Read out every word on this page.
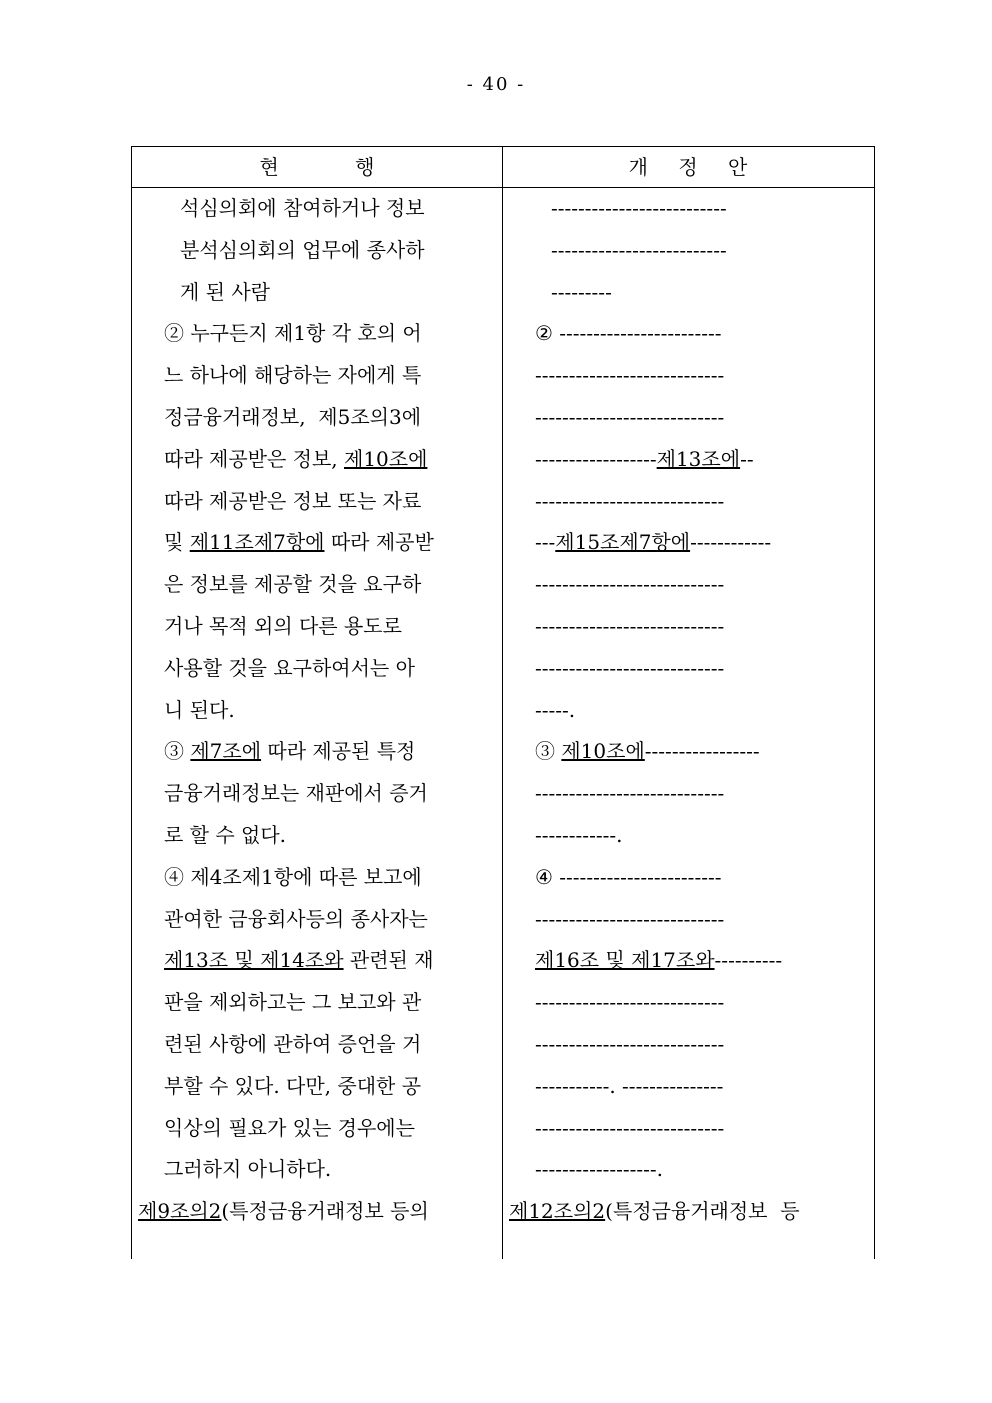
- 40 -
현 행	개 정 안
석심의회에 참여하거나 정보
분석심의회의 업무에 종사하
게 된 사람
② 누구든지 제1항 각 호의 어
느 하나에 해당하는 자에게 특
정금융거래정보,  제5조의3에
따라 제공받은 정보, 제10조에
따라 제공받은 정보 또는 자료
및 제11조제7항에 따라 제공받
은 정보를 제공할 것을 요구하
거나 목적 외의 다른 용도로
사용할 것을 요구하여서는 아
니 된다.
③ 제7조에 따라 제공된 특정
금융거래정보는 재판에서 증거
로 할 수 없다.
④ 제4조제1항에 따른 보고에
관여한 금융회사등의 종사자는
제13조 및 제14조와 관련된 재
판을 제외하고는 그 보고와 관
련된 사항에 관하여 증언을 거
부할 수 있다. 다만, 중대한 공
익상의 필요가 있는 경우에는
그러하지 아니하다.
제9조의2(특정금융거래정보 등의
--------------------------
--------------------------
---------
② ------------------------
----------------------------
----------------------------
------------------제13조에--
----------------------------
---제15조제7항에------------
----------------------------
----------------------------
----------------------------
-----.
③ 제10조에-----------------
----------------------------
------------.
④ ------------------------
----------------------------
제16조 및 제17조와----------
----------------------------
----------------------------
-----------. ---------------
----------------------------
------------------.
제12조의2(특정금융거래정보  등
